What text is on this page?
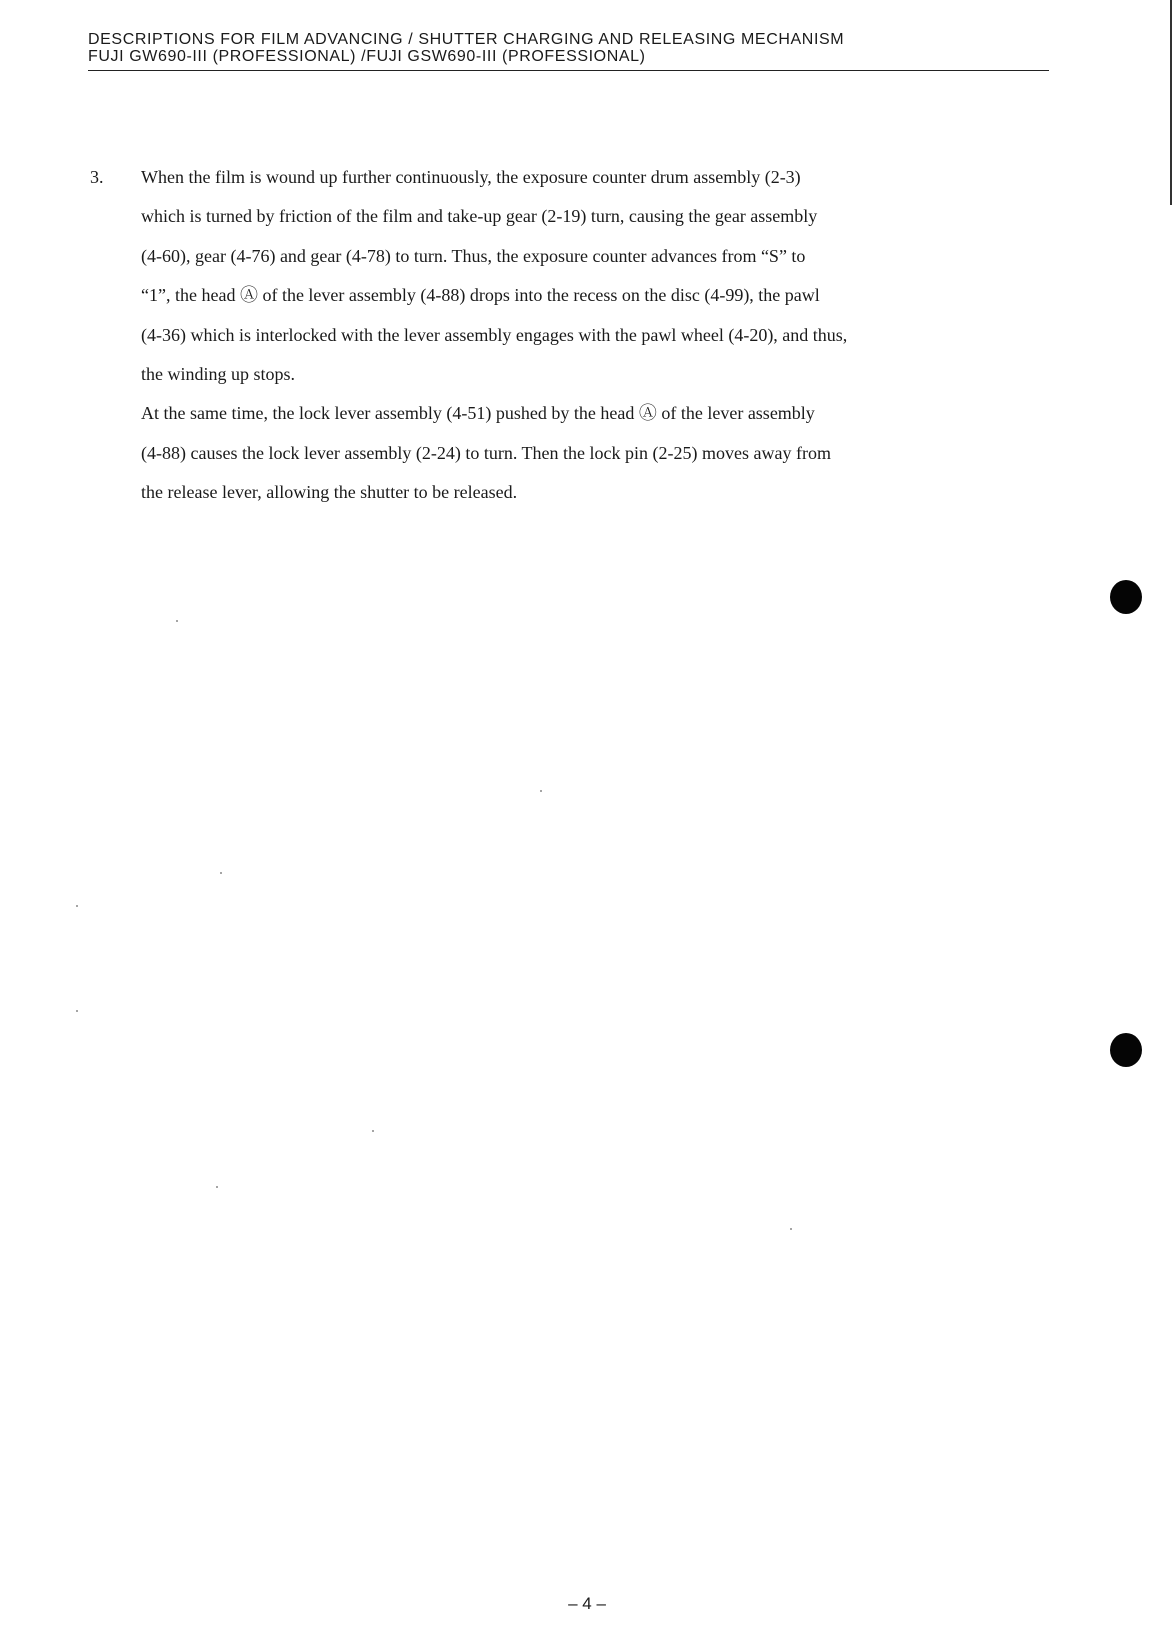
DESCRIPTIONS FOR FILM ADVANCING / SHUTTER CHARGING AND RELEASING MECHANISM
FUJI GW690-III (PROFESSIONAL) /FUJI GSW690-III (PROFESSIONAL)
3. When the film is wound up further continuously, the exposure counter drum assembly (2-3)
which is turned by friction of the film and take-up gear (2-19) turn, causing the gear assembly
(4-60), gear (4-76) and gear (4-78) to turn. Thus, the exposure counter advances from “S” to
“1”, the head Ⓐ of the lever assembly (4-88) drops into the recess on the disc (4-99), the pawl
(4-36) which is interlocked with the lever assembly engages with the pawl wheel (4-20), and thus,
the winding up stops.
At the same time, the lock lever assembly (4-51) pushed by the head Ⓐ of the lever assembly
(4-88) causes the lock lever assembly (2-24) to turn. Then the lock pin (2-25) moves away from
the release lever, allowing the shutter to be released.
– 4 –
